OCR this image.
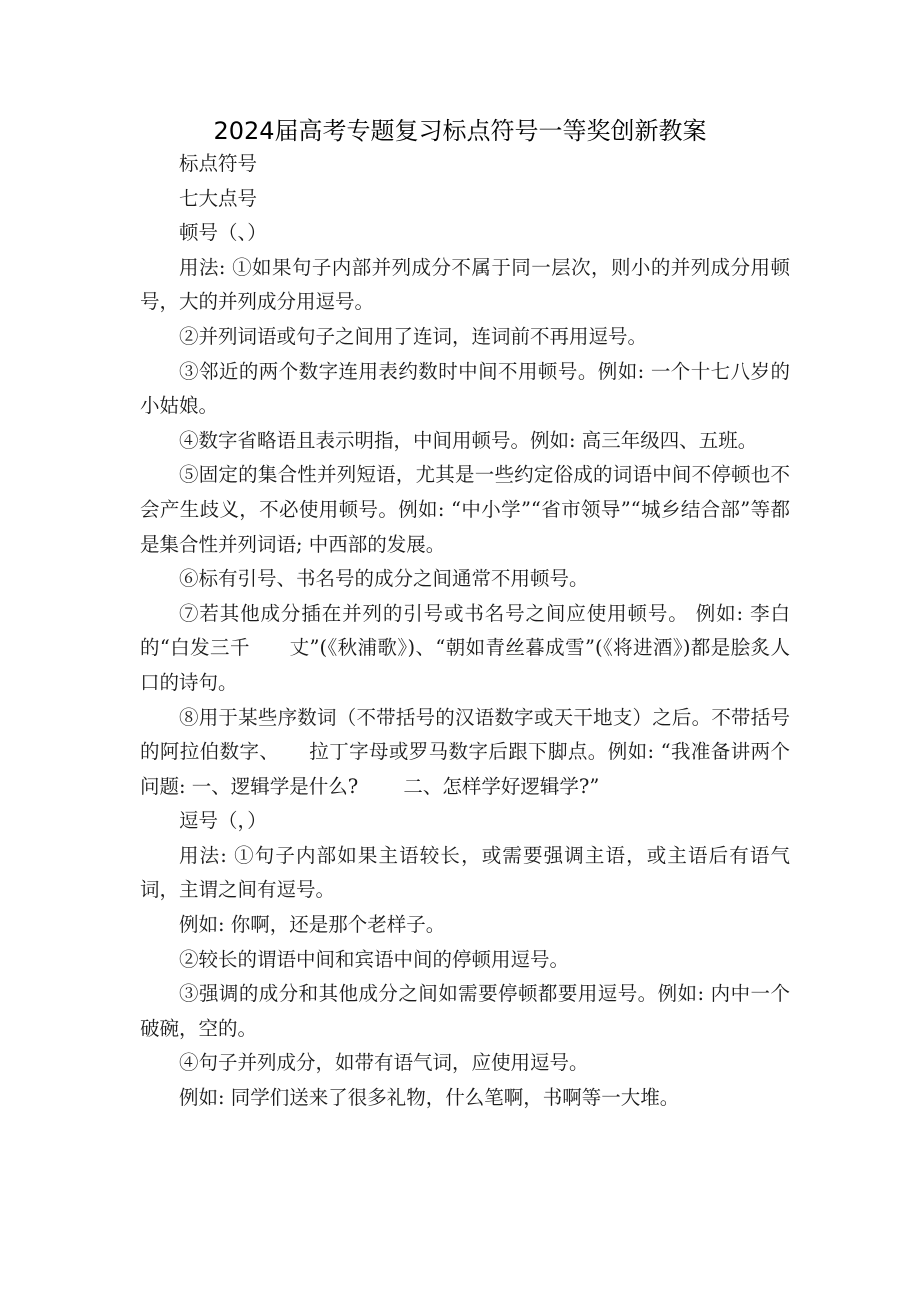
2024届高考专题复习标点符号一等奖创新教案

标点符号

七大点号

顿号（、）

用法: ①如果句子内部并列成分不属于同一层次，则小的并列成分用顿号，大的并列成分用逗号。

②并列词语或句子之间用了连词，连词前不再用逗号。

③邻近的两个数字连用表约数时中间不用顿号。例如: 一个十七八岁的小姑娘。

④数字省略语且表示明指，中间用顿号。例如: 高三年级四、五班。

⑤固定的集合性并列短语，尤其是一些约定俗成的词语中间不停顿也不会产生歧义，不必使用顿号。例如: “中小学”“省市领导”“城乡结合部”等都是集合性并列词语; 中西部的发展。

⑥标有引号、书名号的成分之间通常不用顿号。

⑦若其他成分插在并列的引号或书名号之间应使用顿号。 例如: 李白的“白发三千　　丈”(《秋浦歌》)、“朝如青丝暮成雪”(《将进酒》)都是脍炙人口的诗句。

⑧用于某些序数词（不带括号的汉语数字或天干地支）之后。不带括号的阿拉伯数字、　　拉丁字母或罗马数字后跟下脚点。例如: “我准备讲两个问题: 一、逻辑学是什么?　　 二、怎样学好逻辑学?”

逗号（，）

用法: ①句子内部如果主语较长，或需要强调主语，或主语后有语气词，主谓之间有逗号。

例如: 你啊，还是那个老样子。

②较长的谓语中间和宾语中间的停顿用逗号。

③强调的成分和其他成分之间如需要停顿都要用逗号。例如: 内中一个破碗，空的。

④句子并列成分，如带有语气词，应使用逗号。

例如: 同学们送来了很多礼物，什么笔啊，书啊等一大堆。
